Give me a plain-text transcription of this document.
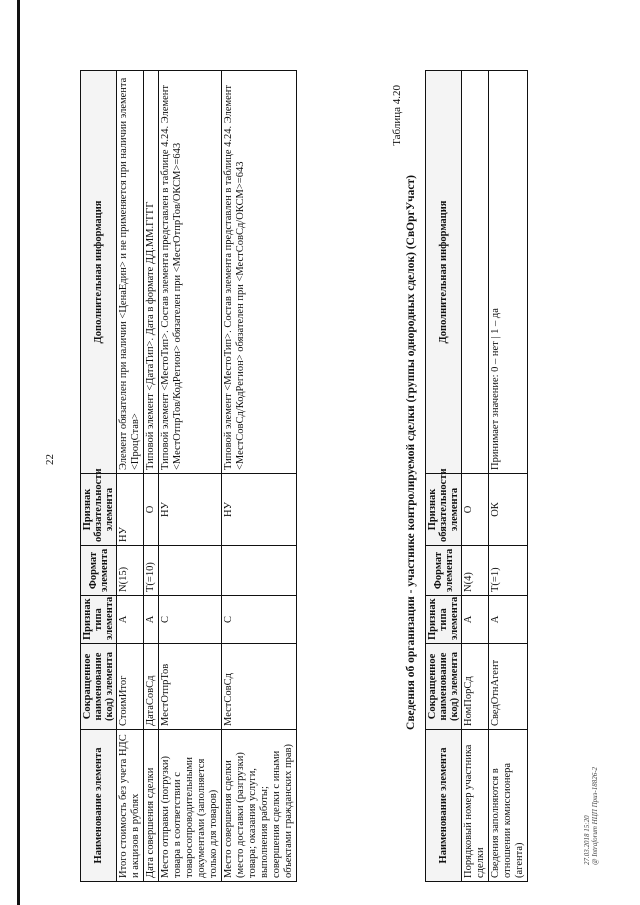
22
Наименование элемента	Сокращенное наименование (код) элемента	Признак типа элемента	Формат элемента	Признак обязательности элемента	Дополнительная информация
Итого стоимость без учета НДС и акцизов в рублях	СтоимИтог	А	N(15)	НУ	Элемент обязателен при наличии <ЦенаЕдин> и не применяется при наличии элемента <ПроцСтав>
Дата совершения сделки	ДатаСовСд	А	T(=10)	О	Типовой элемент <ДатаТип>. Дата в формате ДД.ММ.ГГГГ
Место отправки (погрузки) товара в соответствии с товаросопроводительными документами (заполняется только для товаров)	МестОтпрТов	С		НУ	Типовой элемент <МестоТип>. Состав элемента представлен в таблице 4.24. Элемент <МестОтпрТов/КодРегион> обязателен при <МестОтпрТов/ОКСМ>=643
Место совершения сделки (место доставки (разгрузки) товара; оказания услуги, выполнения работы; совершения сделки с иными объектами гражданских прав)	МестСовСд	С		НУ	Типовой элемент <МестоТип>. Состав элемента представлен в таблице 4.24. Элемент <МестСовСд/КодРегион> обязателен при <МестСовСд/ОКСМ>=643
Таблица 4.20
Сведения об организации - участнике контролируемой сделки (группы однородных сделок) (СвОргУчаст)
Наименование элемента	Сокращенное наименование (код) элемента	Признак типа элемента	Формат элемента	Признак обязательности элемента	Дополнительная информация
Порядковый номер участника сделки	НомПорСд	А	N(4)	О	
Сведения заполняются в отношении комиссионера (агента)	СведОтнАгент	А	T(=1)	ОК	Принимает значение: 0 – нет | 1 – да
27.03.2018 15:20 @ Intraforum НЦП Приз-18826-2
